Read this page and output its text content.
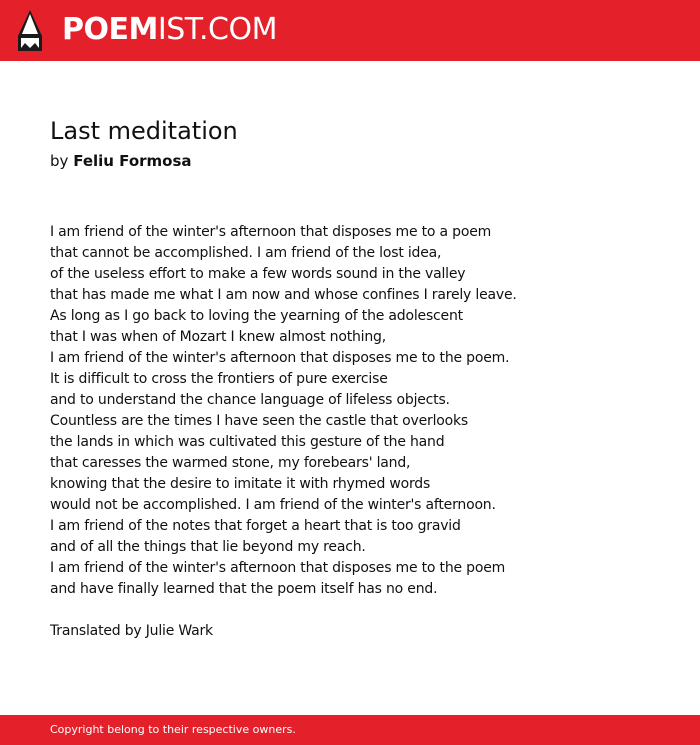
POEMIST.COM
Last meditation
by Feliu Formosa
I am friend of the winter's afternoon that disposes me to a poem
that cannot be accomplished. I am friend of the lost idea,
of the useless effort to make a few words sound in the valley
that has made me what I am now and whose confines I rarely leave.
As long as I go back to loving the yearning of the adolescent
that I was when of Mozart I knew almost nothing,
I am friend of the winter's afternoon that disposes me to the poem.
It is difficult to cross the frontiers of pure exercise
and to understand the chance language of lifeless objects.
Countless are the times I have seen the castle that overlooks
the lands in which was cultivated this gesture of the hand
that caresses the warmed stone, my forebears' land,
knowing that the desire to imitate it with rhymed words
would not be accomplished. I am friend of the winter's afternoon.
I am friend of the notes that forget a heart that is too gravid
and of all the things that lie beyond my reach.
I am friend of the winter's afternoon that disposes me to the poem
and have finally learned that the poem itself has no end.
Translated by Julie Wark
Copyright belong to their respective owners.
